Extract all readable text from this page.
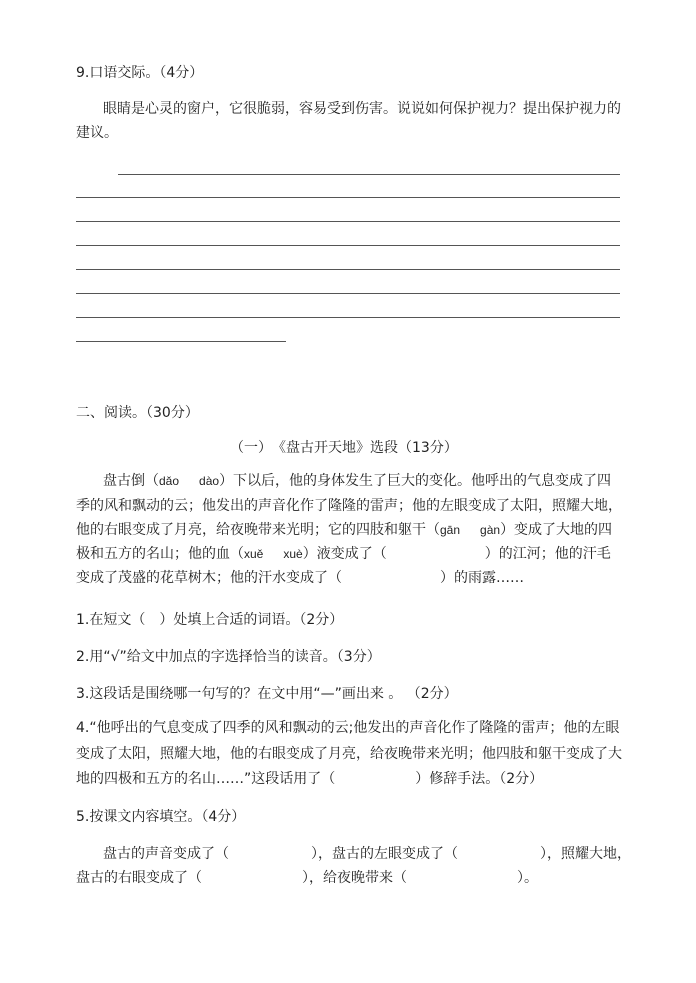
9.口语交际。（4分）
眼睛是心灵的窗户，它很脆弱，容易受到伤害。说说如何保护视力？提出保护视力的
建议。
二、阅读。（30分）
（一）　《盘古开天地》选段（13分）
盘古倒（dǎo dào）下以后，他的身体发生了巨大的变化。他呼出的气息变成了四
季的风和飘动的云；他发出的声音化作了隆隆的雷声；他的左眼变成了太阳，照耀大地，
他的右眼变成了月亮，给夜晚带来光明；它的四肢和躯干（gān gàn）变成了大地的四
极和五方的名山；他的血（xuě xuè）液变成了（	）的江河；他的汗毛
变成了茂盛的花草树木；他的汗水变成了（	）的雨露……
1.在短文（　）处填上合适的词语。（2分）
2.用“√”给文中加点的字选择恰当的读音。（3分）
3.这段话是围绕哪一句写的？在文中用“—”画出来 。 （2分）
4.“他呼出的气息变成了四季的风和飘动的云;他发出的声音化作了隆隆的雷声；他的左眼
变成了太阳，照耀大地，他的右眼变成了月亮，给夜晚带来光明；他四肢和躯干变成了大
地的四极和五方的名山……”这段话用了（	）修辞手法。（2分）
5.按课文内容填空。（4分）
盘古的声音变成了（	），盘古的左眼变成了（	），照耀大地，
盘古的右眼变成了（	），给夜晚带来（	）。
